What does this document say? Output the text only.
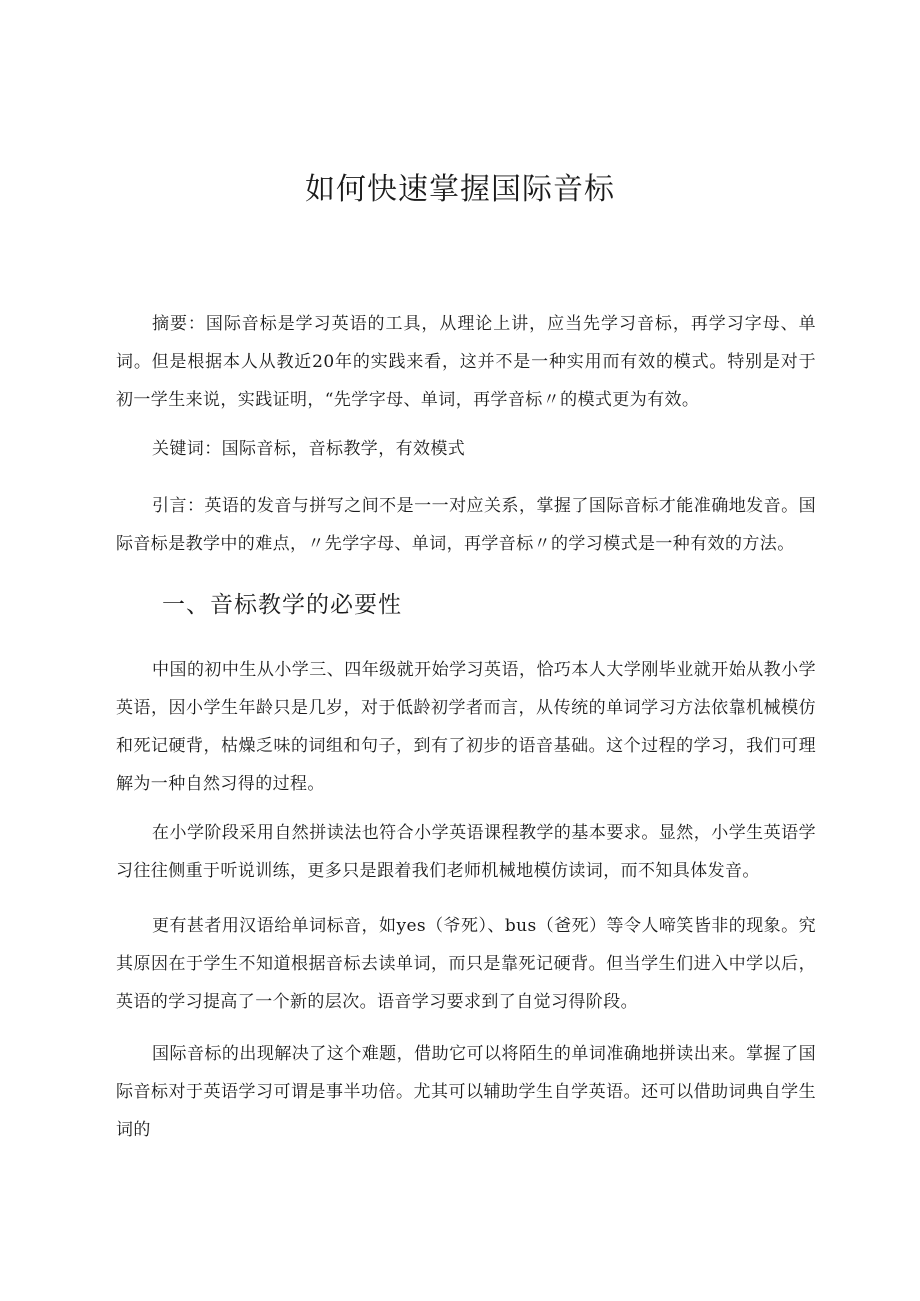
如何快速掌握国际音标

摘要：国际音标是学习英语的工具，从理论上讲，应当先学习音标，再学习字母、单词。但是根据本人从教近20年的实践来看，这并不是一种实用而有效的模式。特别是对于初一学生来说，实践证明，“先学字母、单词，再学音标〃的模式更为有效。

关键词：国际音标，音标教学，有效模式

引言：英语的发音与拼写之间不是一一对应关系，掌握了国际音标才能准确地发音。国际音标是教学中的难点，〃先学字母、单词，再学音标〃的学习模式是一种有效的方法。

一、音标教学的必要性

中国的初中生从小学三、四年级就开始学习英语，恰巧本人大学刚毕业就开始从教小学英语，因小学生年龄只是几岁，对于低龄初学者而言，从传统的单词学习方法依靠机械模仿和死记硬背，枯燥乏味的词组和句子，到有了初步的语音基础。这个过程的学习，我们可理解为一种自然习得的过程。

在小学阶段采用自然拼读法也符合小学英语课程教学的基本要求。显然，小学生英语学习往往侧重于听说训练，更多只是跟着我们老师机械地模仿读词，而不知具体发音。

更有甚者用汉语给单词标音，如yes（爷死）、bus（爸死）等令人啼笑皆非的现象。究其原因在于学生不知道根据音标去读单词，而只是靠死记硬背。但当学生们进入中学以后，英语的学习提高了一个新的层次。语音学习要求到了自觉习得阶段。

国际音标的出现解决了这个难题，借助它可以将陌生的单词准确地拼读出来。掌握了国际音标对于英语学习可谓是事半功倍。尤其可以辅助学生自学英语。还可以借助词典自学生词的
